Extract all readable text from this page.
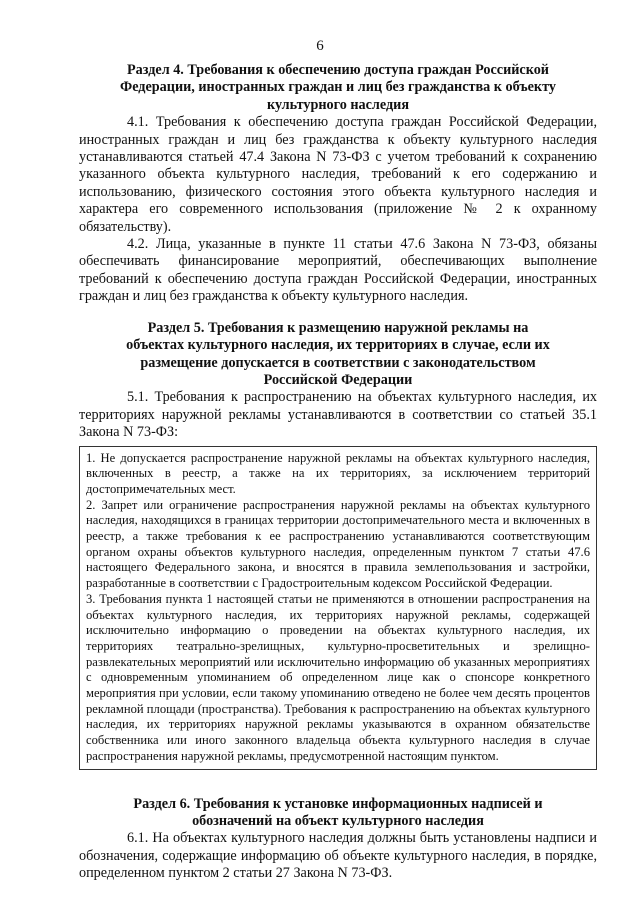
6

Раздел 4. Требования к обеспечению доступа граждан Российской Федерации, иностранных граждан и лиц без гражданства к объекту культурного наследия

4.1. Требования к обеспечению доступа граждан Российской Федерации, иностранных граждан и лиц без гражданства к объекту культурного наследия устанавливаются статьей 47.4 Закона N 73-ФЗ с учетом требований к сохранению указанного объекта культурного наследия, требований к его содержанию и использованию, физического состояния этого объекта культурного наследия и характера его современного использования (приложение № 2 к охранному обязательству).

4.2. Лица, указанные в пункте 11 статьи 47.6 Закона N 73-ФЗ, обязаны обеспечивать финансирование мероприятий, обеспечивающих выполнение требований к обеспечению доступа граждан Российской Федерации, иностранных граждан и лиц без гражданства к объекту культурного наследия.

Раздел 5. Требования к размещению наружной рекламы на объектах культурного наследия, их территориях в случае, если их размещение допускается в соответствии с законодательством Российской Федерации

5.1. Требования к распространению на объектах культурного наследия, их территориях наружной рекламы устанавливаются в соответствии со статьей 35.1 Закона N 73-ФЗ:

1. Не допускается распространение наружной рекламы на объектах культурного наследия, включенных в реестр, а также на их территориях, за исключением территорий достопримечательных мест.

2. Запрет или ограничение распространения наружной рекламы на объектах культурного наследия, находящихся в границах территории достопримечательного места и включенных в реестр, а также требования к ее распространению устанавливаются соответствующим органом охраны объектов культурного наследия, определенным пунктом 7 статьи 47.6 настоящего Федерального закона, и вносятся в правила землепользования и застройки, разработанные в соответствии с Градостроительным кодексом Российской Федерации.

3. Требования пункта 1 настоящей статьи не применяются в отношении распространения на объектах культурного наследия, их территориях наружной рекламы, содержащей исключительно информацию о проведении на объектах культурного наследия, их территориях театрально-зрелищных, культурно-просветительных и зрелищно-развлекательных мероприятий или исключительно информацию об указанных мероприятиях с одновременным упоминанием об определенном лице как о спонсоре конкретного мероприятия при условии, если такому упоминанию отведено не более чем десять процентов рекламной площади (пространства). Требования к распространению на объектах культурного наследия, их территориях наружной рекламы указываются в охранном обязательстве собственника или иного законного владельца объекта культурного наследия в случае распространения наружной рекламы, предусмотренной настоящим пунктом.

Раздел 6. Требования к установке информационных надписей и обозначений на объект культурного наследия

6.1. На объектах культурного наследия должны быть установлены надписи и обозначения, содержащие информацию об объекте культурного наследия, в порядке, определенном пунктом 2 статьи 27 Закона N 73-ФЗ.
